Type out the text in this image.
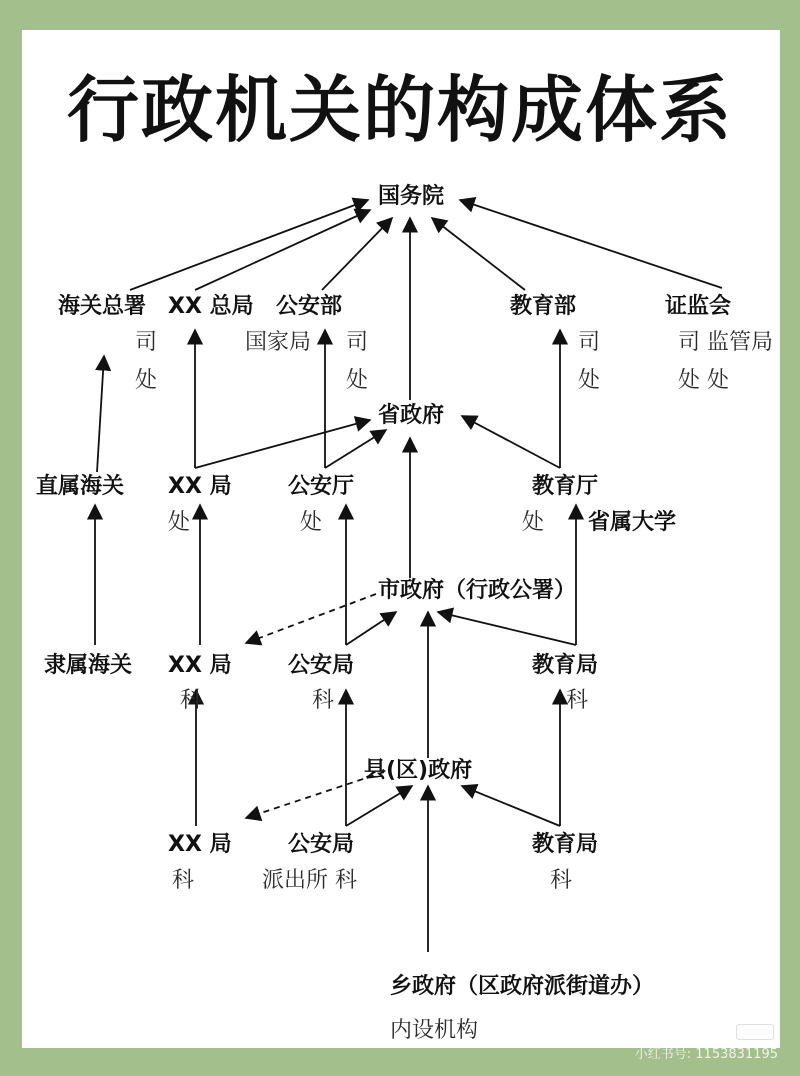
行政机关的构成体系
国务院
海关总署 XX 总局 公安部	教育部	证监会
司
处
国家局 司
处
司
处
司 监管局
处 处
省政府
直属海关 XX 局	公安厅	教育厅
处	处	处 省属大学
市政府（行政公署）
隶属海关 XX 局	公安局	教育局
科	科	科
县(区)政府
XX 局	公安局	教育局
科	派出所 科	科
乡政府（区政府派街道办）
内设机构
小红书号: 1153831195
